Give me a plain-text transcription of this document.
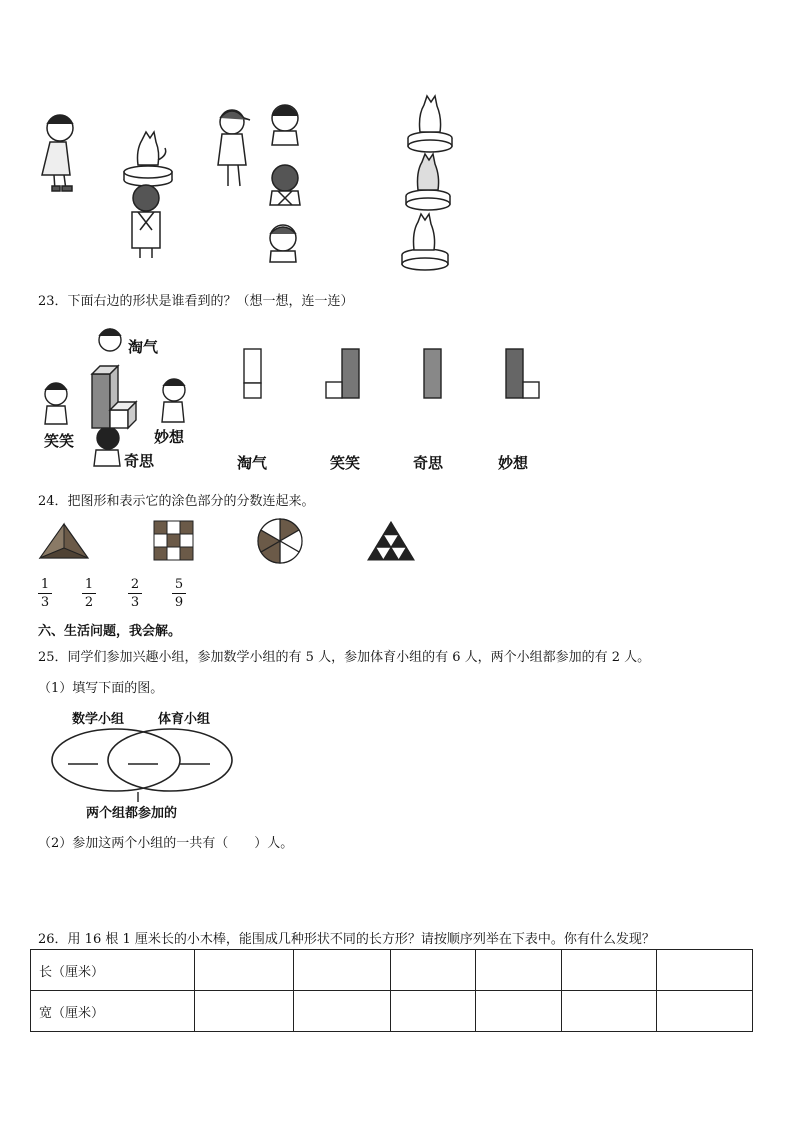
23．下面右边的形状是谁看到的？（想一想，连一连）
淘气
笑笑	妙想
奇思	淘气	笑笑	奇思	妙想
24．把图形和表示它的涂色部分的分数连起来。
$\frac{1}{3} \frac{1}{2} \frac{2}{3} \frac{5}{9}$
六、生活问题，我会解。
25．同学们参加兴趣小组，参加数学小组的有 5 人，参加体育小组的有 6 人，两个小组都参加的有 2 人。
（1）填写下面的图。
数学小组	体育小组
两个组都参加的
（2）参加这两个小组的一共有（　　）人。
26．用 16 根 1 厘米长的小木棒，能围成几种形状不同的长方形？请按顺序列举在下表中。你有什么发现？
长（厘米）						
宽（厘米）						
